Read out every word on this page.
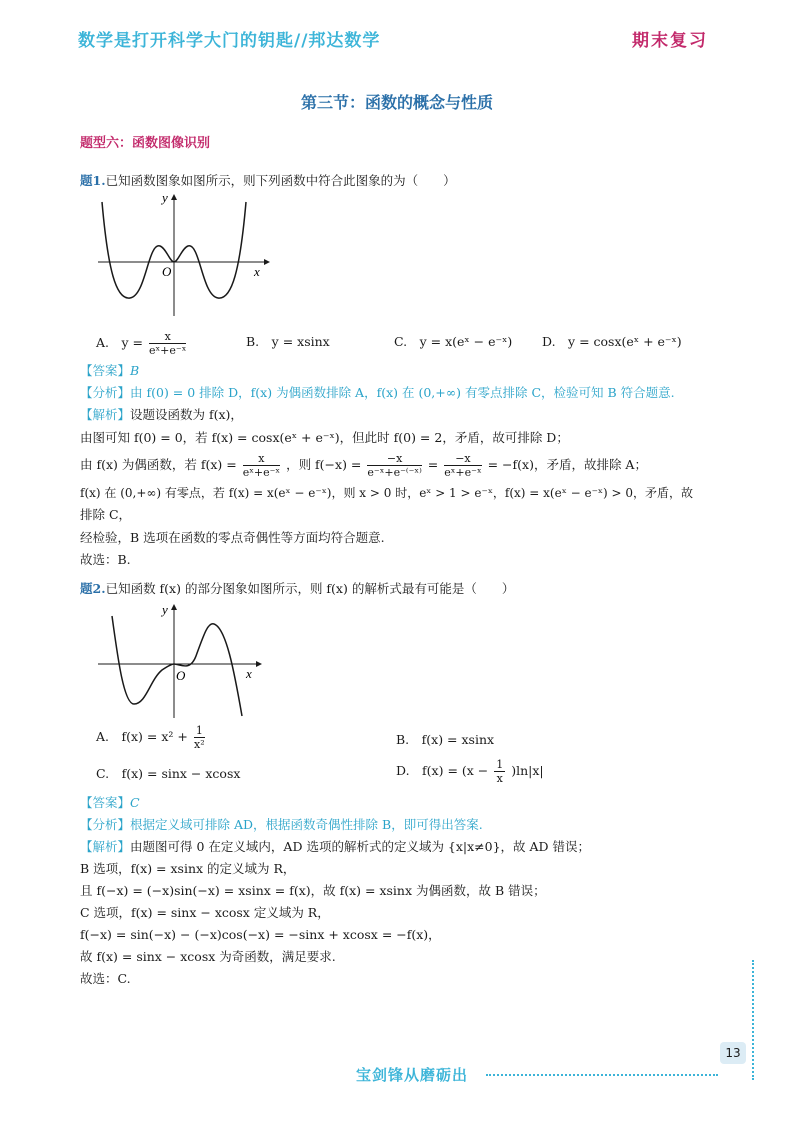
数学是打开科学大门的钥匙//邦达数学	期末复习
第三节：函数的概念与性质
题型六：函数图像识别
题1.已知函数图象如图所示，则下列函数中符合此图象的为（　　）
y
x
O
A.　$y = \frac{x}{\text{eˣ+e⁻ˣ}}$	B.　y = xsinx	C.　y = x(eˣ − e⁻ˣ) D.　y = cosx(eˣ + e⁻ˣ)
【答案】B
【分析】由 f(0) = 0 排除 D，f(x) 为偶函数排除 A，f(x) 在 (0,+∞) 有零点排除 C，检验可知 B 符合题意.
【解析】设题设函数为 f(x)，
由图可知 f(0) = 0，若 f(x) = cosx(eˣ + e⁻ˣ)，但此时 f(0) = 2，矛盾，故可排除 D；
由 f(x) 为偶函数，若 $f(x) = \frac{x}{\text{eˣ+e⁻ˣ}}$ ，则 $f(-x) = \frac{-x}{\text{e⁻ˣ+e⁻⁽⁻ˣ⁾}} = \frac{-x}{\text{eˣ+e⁻ˣ}} = -f(x)$，矛盾，故排除 A；
f(x) 在 (0,+∞) 有零点，若 f(x) = x(eˣ − e⁻ˣ)，则 x > 0 时，eˣ > 1 > e⁻ˣ，f(x) = x(eˣ − e⁻ˣ) > 0，矛盾，故
排除 C，
经检验，B 选项在函数的零点奇偶性等方面均符合题意.
故选：B.
题2.已知函数 f(x) 的部分图象如图所示，则 f(x) 的解析式最有可能是（　　）
y
x
O
A.　$f(x) = x^2 + \frac{1}{\text{x²}}$	B.　f(x) = xsinx
C.　f(x) = sinx − xcosx	D.　$f(x) = (x - \frac{1}{x} )\ln|x|$
【答案】C
【分析】根据定义域可排除 AD，根据函数奇偶性排除 B，即可得出答案.
【解析】由题图可得 0 在定义域内，AD 选项的解析式的定义域为 {x|x≠0}，故 AD 错误；
B 选项，f(x) = xsinx 的定义域为 R，
且 f(−x) = (−x)sin(−x) = xsinx = f(x)，故 f(x) = xsinx 为偶函数，故 B 错误；
C 选项，f(x) = sinx − xcosx 定义域为 R，
f(−x) = sin(−x) − (−x)cos(−x) = −sinx + xcosx = −f(x)，
故 f(x) = sinx − xcosx 为奇函数，满足要求.
故选：C.
13
宝剑锋从磨砺出
